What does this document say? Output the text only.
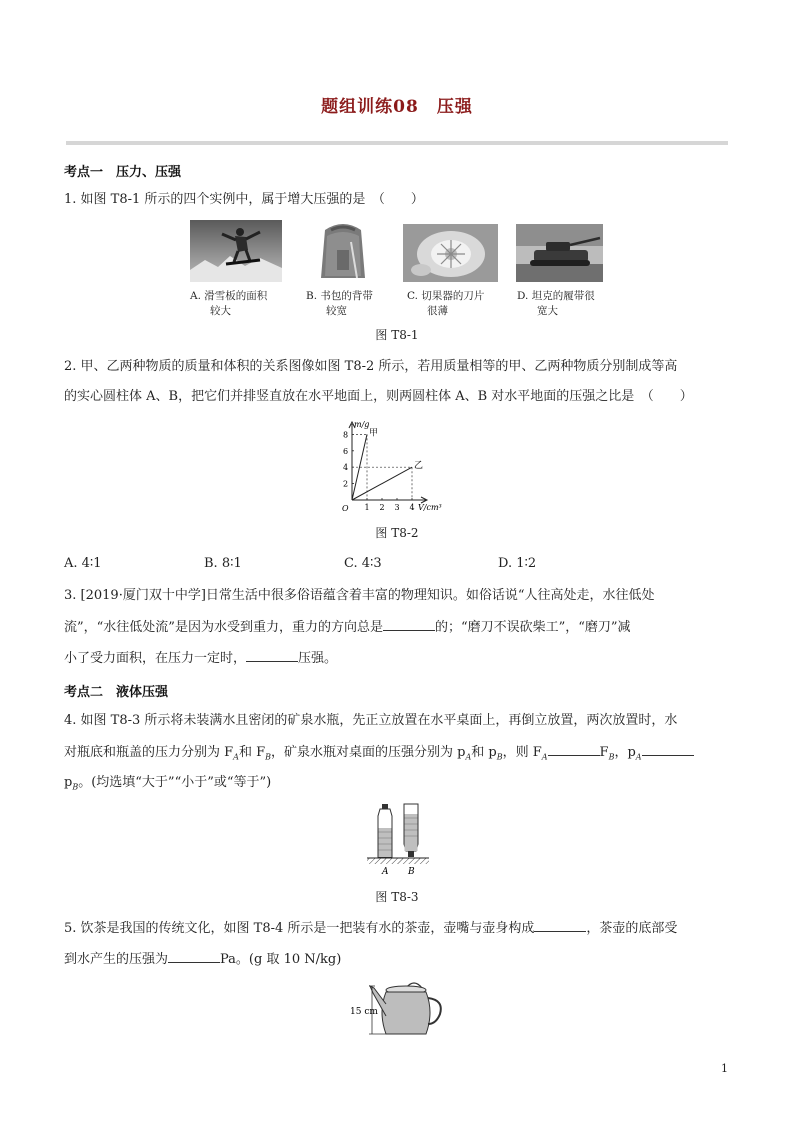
题组训练08　压强
考点一　压力、压强
1. 如图 T8-1 所示的四个实例中，属于增大压强的是　（　　）
A. 滑雪板的面积
较大
B. 书包的背带
较宽
C. 切果器的刀片
很薄
D. 坦克的履带很
宽大
图 T8-1
2. 甲、乙两种物质的质量和体积的关系图像如图 T8-2 所示，若用质量相等的甲、乙两种物质分别制成等高
的实心圆柱体 A、B，把它们并排竖直放在水平地面上，则两圆柱体 A、B 对水平地面的压强之比是　（　　）
1 2 3 4
2
4
6
8
O
m/g
V/cm³
甲
乙
图 T8-2
A. 4∶1	B. 8∶1	C. 4∶3	D. 1∶2
3. [2019·厦门双十中学]日常生活中很多俗语蕴含着丰富的物理知识。如俗话说“人往高处走，水往低处
流”，“水往低处流”是因为水受到重力，重力的方向总是	的；“磨刀不误砍柴工”，“磨刀”减
小了受力面积，在压力一定时，	压强。
考点二　液体压强
4. 如图 T8-3 所示将未装满水且密闭的矿泉水瓶，先正立放置在水平桌面上，再倒立放置，两次放置时，水
对瓶底和瓶盖的压力分别为 $F_A$和 $F_B$，矿泉水瓶对桌面的压强分别为 $p_A$和 $p_B$，则 $F_A$	$F_B$，$p_A$
$p_B$。(均选填“大于”“小于”或“等于”)
A B
图 T8-3
5. 饮茶是我国的传统文化，如图 T8-4 所示是一把装有水的茶壶，壶嘴与壶身构成	，茶壶的底部受
到水产生的压强为	Pa。(g 取 10 N/kg)
15 cm
1
